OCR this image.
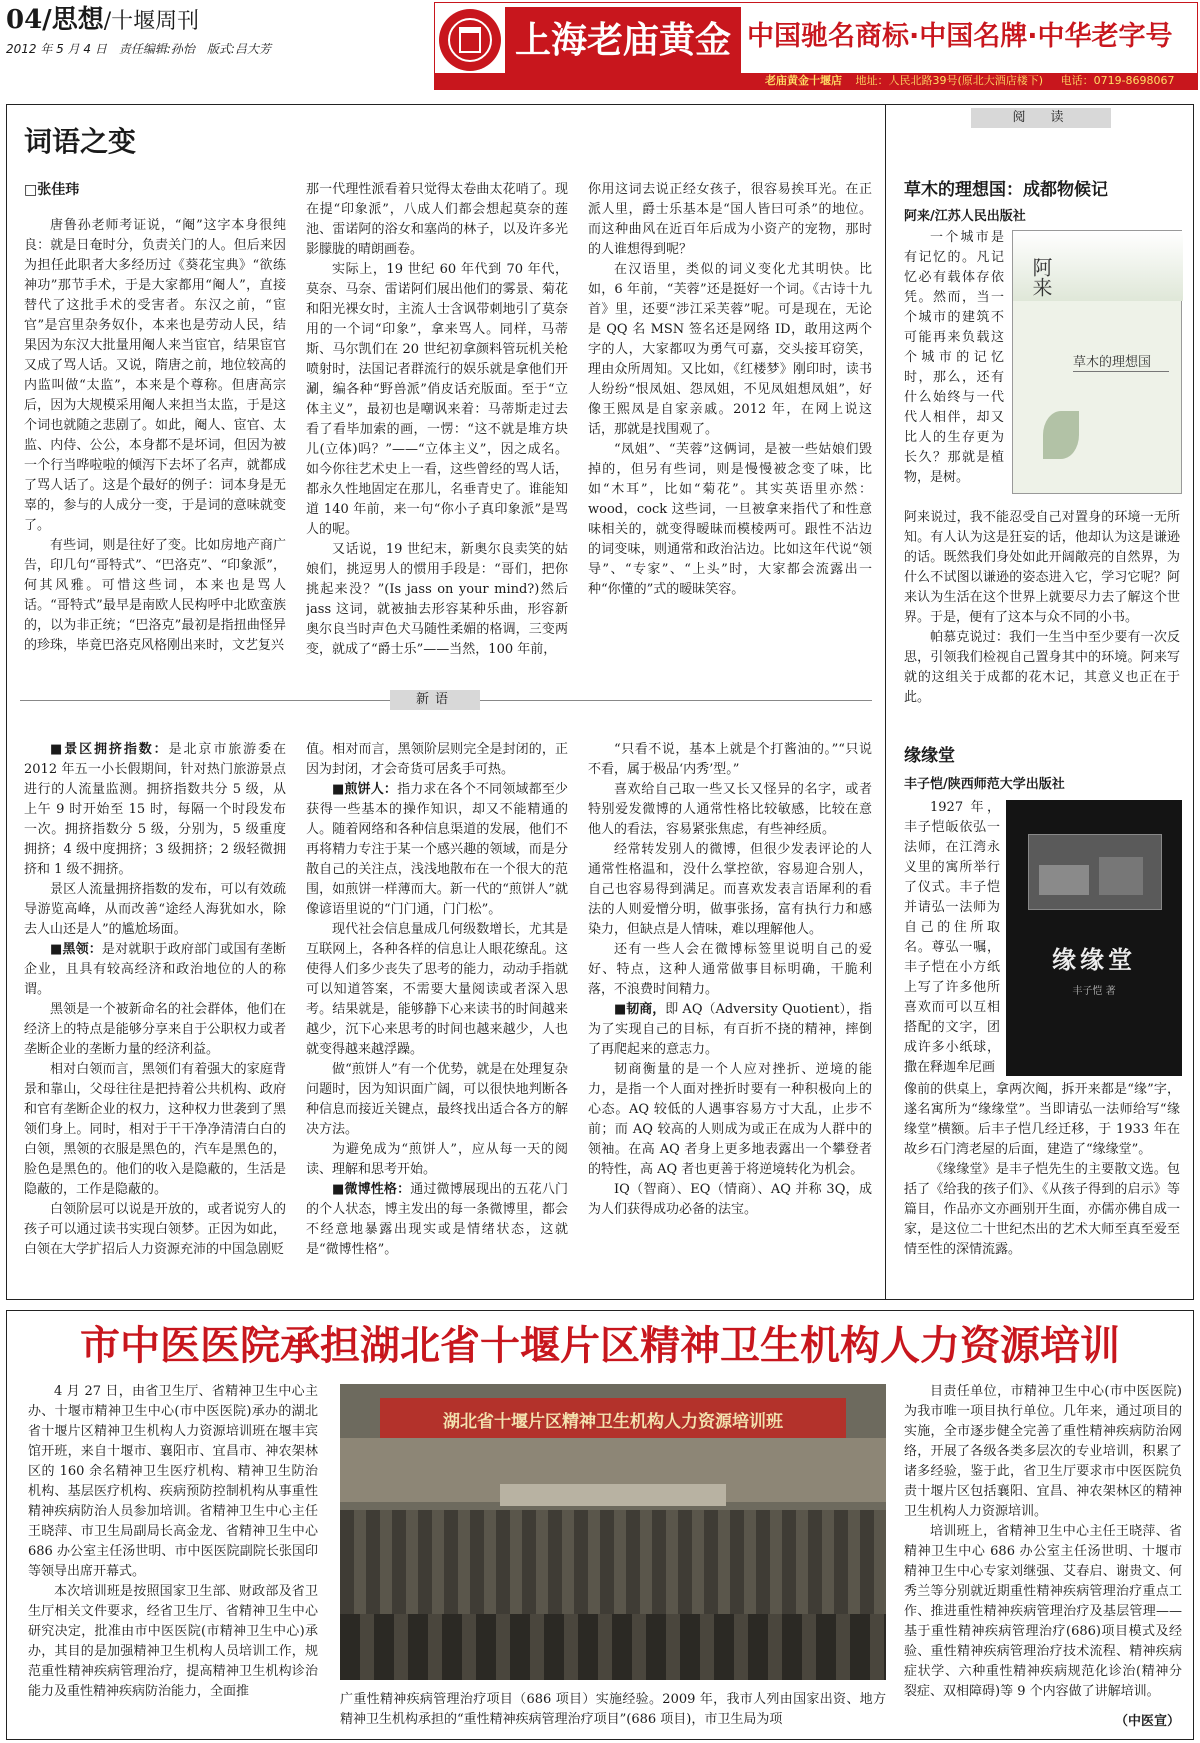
04/思想/十堰周刊
2012 年 5 月 4 日　责任编辑:孙怡　版式:吕大芳	上海老庙黄金 中国驰名商标·中国名牌·中华老字号
老庙黄金十堰店 地址：人民北路39号(原北大酒店楼下) 电话：0719-8698067
词语之变
□张佳玮

唐鲁孙老师考证说，“阉”这字本身很纯良：就是日奄时分，负责关门的人。但后来因为担任此职者大多经历过《葵花宝典》“欲练神功”那节手术，于是大家都用“阉人”，直接替代了这批手术的受害者。东汉之前，“宦官”是宫里杂务奴仆，本来也是劳动人民，结果因为东汉大批量用阉人来当宦官，结果宦官又成了骂人话。又说，隋唐之前，地位较高的内监叫做“太监”，本来是个尊称。但唐高宗后，因为大规模采用阉人来担当太监，于是这个词也就随之悲剧了。如此，阉人、宦官、太监、内侍、公公，本身都不是坏词，但因为被一个行当哗啦啦的倾泻下去坏了名声，就都成了骂人话了。这是个最好的例子：词本身是无辜的，参与的人成分一变，于是词的意味就变了。

有些词，则是往好了变。比如房地产商广告，印几句“哥特式”、“巴洛克”、“印象派”，何其风雅。可惜这些词，本来也是骂人话。“哥特式”最早是南欧人民构呼中北欧蛮族的，以为非正统；“巴洛克”最初是指扭曲怪异的珍珠，毕竟巴洛克风格刚出来时，文艺复兴

那一代理性派看着只觉得太卷曲太花哨了。现在提“印象派”，八成人们都会想起莫奈的莲池、雷诺阿的浴女和塞尚的林子，以及许多光影朦胧的晴朗画卷。

实际上，19 世纪 60 年代到 70 年代，莫奈、马奈、雷诺阿们展出他们的雾景、菊花和阳光裸女时，主流人士含讽带刺地引了莫奈用的一个词“印象”，拿来骂人。同样，马蒂斯、马尔凯们在 20 世纪初拿颜料管玩机关枪喷射时，法国记者群流行的娱乐就是拿他们开涮，编各种“野兽派”俏皮话充版面。至于“立体主义”，最初也是嘲讽来着：马蒂斯走过去看了看毕加索的画，一愣：“这不就是堆方块儿(立体)吗？”——“立体主义”，因之成名。如今你往艺术史上一看，这些曾经的骂人话，都永久性地固定在那儿，名垂青史了。谁能知道 140 年前，来一句“你小子真印象派”是骂人的呢。

又话说，19 世纪末，新奥尔良卖笑的姑娘们，挑逗男人的惯用手段是：“哥们，把你挑起来没？”(Is jass on your mind?)然后 jass 这词，就被抽去形容某种乐曲，形容新奥尔良当时声色犬马随性柔媚的格调，三变两变，就成了“爵士乐”——当然，100 年前，

你用这词去说正经女孩子，很容易挨耳光。在正派人里，爵士乐基本是“国人皆曰可杀”的地位。而这种曲风在近百年后成为小资产的宠物，那时的人谁想得到呢？

在汉语里，类似的词义变化尤其明快。比如，6 年前，“芙蓉”还是挺好一个词。《古诗十九首》里，还要“涉江采芙蓉”呢。可是现在，无论是 QQ 名 MSN 签名还是网络 ID，敢用这两个字的人，大家都叹为勇气可嘉，交头接耳窃笑，理由众所周知。又比如，《红楼梦》刚印时，读书人纷纷“恨凤姐、怨凤姐，不见凤姐想凤姐”，好像王熙凤是自家亲戚。2012 年，在网上说这话，那就是找围观了。

“凤姐”、“芙蓉”这俩词，是被一些姑娘们毁掉的，但另有些词，则是慢慢被念变了味，比如“木耳”，比如“菊花”。其实英语里亦然：wood，cock 这些词，一旦被拿来指代了和性意味相关的，就变得暧昧而模棱两可。跟性不沾边的词变味，则通常和政治沾边。比如这年代说“领导”、“专家”、“上头”时，大家都会流露出一种“你懂的”式的暧昧笑容。

新语

■景区拥挤指数：是北京市旅游委在 2012 年五一小长假期间，针对热门旅游景点进行的人流量监测。拥挤指数共分 5 级，从上午 9 时开始至 15 时，每隔一个时段发布一次。拥挤指数分 5 级，分别为，5 级重度拥挤；4 级中度拥挤；3 级拥挤；2 级轻微拥挤和 1 级不拥挤。

景区人流量拥挤指数的发布，可以有效疏导游览高峰，从而改善“途经人海犹如水，除去人山还是人”的尴尬场面。

■黑领：是对就职于政府部门或国有垄断企业，且具有较高经济和政治地位的人的称谓。

黑领是一个被新命名的社会群体，他们在经济上的特点是能够分享来自于公职权力或者垄断企业的垄断力量的经济利益。

相对白领而言，黑领们有着强大的家庭背景和靠山，父母往往是把持着公共机构、政府和官有垄断企业的权力，这种权力世袭到了黑领们身上。同时，相对于干干净净清清白白的白领，黑领的衣服是黑色的，汽车是黑色的，脸色是黑色的。他们的收入是隐蔽的，生活是隐蔽的，工作是隐蔽的。

白领阶层可以说是开放的，或者说穷人的孩子可以通过读书实现白领梦。正因为如此，白领在大学扩招后人力资源充沛的中国急剧贬

值。相对而言，黑领阶层则完全是封闭的，正因为封闭，才会奇货可居炙手可热。

■煎饼人：指力求在各个不同领域都至少获得一些基本的操作知识，却又不能精通的人。随着网络和各种信息渠道的发展，他们不再将精力专注于某一个感兴趣的领域，而是分散自己的关注点，浅浅地散布在一个很大的范围，如煎饼一样薄而大。新一代的“煎饼人”就像谚语里说的“门门通，门门松”。

现代社会信息量成几何级数增长，尤其是互联网上，各种各样的信息让人眼花缭乱。这使得人们多少丧失了思考的能力，动动手指就可以知道答案，不需要大量阅读或者深入思考。结果就是，能够静下心来读书的时间越来越少，沉下心来思考的时间也越来越少，人也就变得越来越浮躁。

做“煎饼人”有一个优势，就是在处理复杂问题时，因为知识面广阔，可以很快地判断各种信息而接近关键点，最终找出适合各方的解决方法。

为避免成为“煎饼人”，应从每一天的阅读、理解和思考开始。

■微博性格：通过微博展现出的五花八门的个人状态，博主发出的每一条微博里，都会不经意地暴露出现实或是情绪状态，这就是“微博性格”。

“只看不说，基本上就是个打酱油的。”“只说不看，属于极品‘内秀’型。”

喜欢给自己取一些又长又怪异的名字，或者特别爱发微博的人通常性格比较敏感，比较在意他人的看法，容易紧张焦虑，有些神经质。

经常转发别人的微博，但很少发表评论的人通常性格温和，没什么掌控欲，容易迎合别人，自己也容易得到满足。而喜欢发表言语犀利的看法的人则爱憎分明，做事张扬，富有执行力和感染力，但缺点是人情味，难以理解他人。

还有一些人会在微博标签里说明自己的爱好、特点，这种人通常做事目标明确，干脆利落，不浪费时间精力。

■韧商，即 AQ（Adversity Quotient），指为了实现自己的目标，有百折不挠的精神，摔倒了再爬起来的意志力。

韧商衡量的是一个人应对挫折、逆境的能力，是指一个人面对挫折时要有一种积极向上的心态。AQ 较低的人遇事容易方寸大乱，止步不前；而 AQ 较高的人则成为或正在成为人群中的领袖。在高 AQ 者身上更多地表露出一个攀登者的特性，高 AQ 者也更善于将逆境转化为机会。

IQ（智商）、EQ（情商）、AQ 并称 3Q，成为人们获得成功必备的法宝。

阅　读
草木的理想国：成都物候记
阿来/江苏人民出版社
阿来
草木的理想国

一个城市是有记忆的。凡记忆必有载体存依凭。然而，当一个城市的建筑不可能再来负载这个城市的记忆时，那么，还有什么始终与一代代人相伴，却又比人的生存更为长久？那就是植物，是树。

阿来说过，我不能忍受自己对置身的环境一无所知。有人认为这是狂妄的话，他却认为这是谦逊的话。既然我们身处如此开阔敞亮的自然界，为什么不试图以谦逊的姿态进入它，学习它呢？阿来认为生活在这个世界上就要尽力去了解这个世界。于是，便有了这本与众不同的小书。

帕慕克说过：我们一生当中至少要有一次反思，引领我们检视自己置身其中的环境。阿来写就的这组关于成都的花木记，其意义也正在于此。

缘缘堂
丰子恺/陕西师范大学出版社
缘缘堂
丰子恺 著

1927 年，丰子恺皈依弘一法师，在江湾永义里的寓所举行了仪式。丰子恺并请弘一法师为自己的住所取名。尊弘一嘱，丰子恺在小方纸上写了许多他所喜欢而可以互相搭配的文字，团成许多小纸球，撒在释迦牟尼画

像前的供桌上，拿两次阄，拆开来都是“缘”字，遂名寓所为“缘缘堂”。当即请弘一法师给写“缘缘堂”横额。后丰子恺几经迁移，于 1933 年在故乡石门湾老屋的后面，建造了“缘缘堂”。

《缘缘堂》是丰子恺先生的主要散文选。包括了《给我的孩子们》、《从孩子得到的启示》等篇目，作品亦文亦画别开生面，亦儒亦佛自成一家，是这位二十世纪杰出的艺术大师至真至爱至情至性的深情流露。

市中医医院承担湖北省十堰片区精神卫生机构人力资源培训

4 月 27 日，由省卫生厅、省精神卫生中心主办、十堰市精神卫生中心(市中医医院)承办的湖北省十堰片区精神卫生机构人力资源培训班在堰丰宾馆开班，来自十堰市、襄阳市、宜昌市、神农架林区的 160 余名精神卫生医疗机构、精神卫生防治机构、基层医疗机构、疾病预防控制机构从事重性精神疾病防治人员参加培训。省精神卫生中心主任王晓萍、市卫生局副局长高金龙、省精神卫生中心 686 办公室主任汤世明、市中医医院副院长张国印等领导出席开幕式。

本次培训班是按照国家卫生部、财政部及省卫生厅相关文件要求，经省卫生厅、省精神卫生中心研究决定，批准由市中医医院(市精神卫生中心)承办，其目的是加强精神卫生机构人员培训工作，规范重性精神疾病管理治疗，提高精神卫生机构诊治能力及重性精神疾病防治能力，全面推

湖北省十堰片区精神卫生机构人力资源培训班
广重性精神疾病管理治疗项目（686 项目）实施经验。2009 年，我市人列由国家出资、地方精神卫生机构承担的“重性精神疾病管理治疗项目”(686 项目)，市卫生局为项

目责任单位，市精神卫生中心(市中医医院)为我市唯一项目执行单位。几年来，通过项目的实施，全市逐步健全完善了重性精神疾病防治网络，开展了各级各类多层次的专业培训，积累了诸多经验，鉴于此，省卫生厅要求市中医医院负责十堰片区包括襄阳、宜昌、神农架林区的精神卫生机构人力资源培训。

培训班上，省精神卫生中心主任王晓萍、省精神卫生中心 686 办公室主任汤世明、十堰市精神卫生中心专家刘继强、艾春启、谢贵文、何秀兰等分别就近期重性精神疾病管理治疗重点工作、推进重性精神疾病管理治疗及基层管理——基于重性精神疾病管理治疗(686)项目模式及经验、重性精神疾病管理治疗技术流程、精神疾病症状学、六种重性精神疾病规范化诊治(精神分裂症、双相障碍)等 9 个内容做了讲解培训。

（中医宣）
